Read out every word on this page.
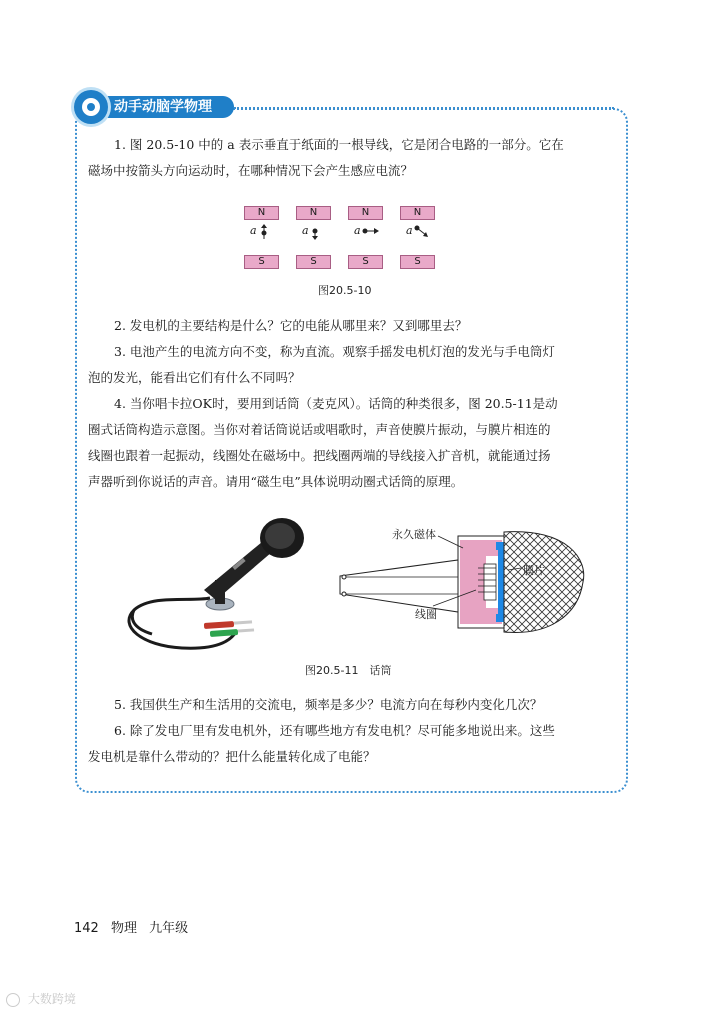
动手动脑学物理

1. 图 20.5-10 中的 a 表示垂直于纸面的一根导线，它是闭合电路的一部分。它在
磁场中按箭头方向运动时，在哪种情况下会产生感应电流？

N	N	N	N
S	S	S	S
a	a	a	a
图20.5-10

2. 发电机的主要结构是什么？它的电能从哪里来？又到哪里去？

3. 电池产生的电流方向不变，称为直流。观察手摇发电机灯泡的发光与手电筒灯
泡的发光，能看出它们有什么不同吗？

4. 当你唱卡拉OK时，要用到话筒（麦克风）。话筒的种类很多，图 20.5-11是动
圈式话筒构造示意图。当你对着话筒说话或唱歌时，声音使膜片振动，与膜片相连的
线圈也跟着一起振动，线圈处在磁场中。把线圈两端的导线接入扩音机，就能通过扬
声器听到你说话的声音。请用“磁生电”具体说明动圈式话筒的原理。

永久磁体
膜片
线圈
图20.5-11　话筒

5. 我国供生产和生活用的交流电，频率是多少？电流方向在每秒内变化几次？

6. 除了发电厂里有发电机外，还有哪些地方有发电机？尽可能多地说出来。这些
发电机是靠什么带动的？把什么能量转化成了电能？

142 物理 九年级
大数跨境
